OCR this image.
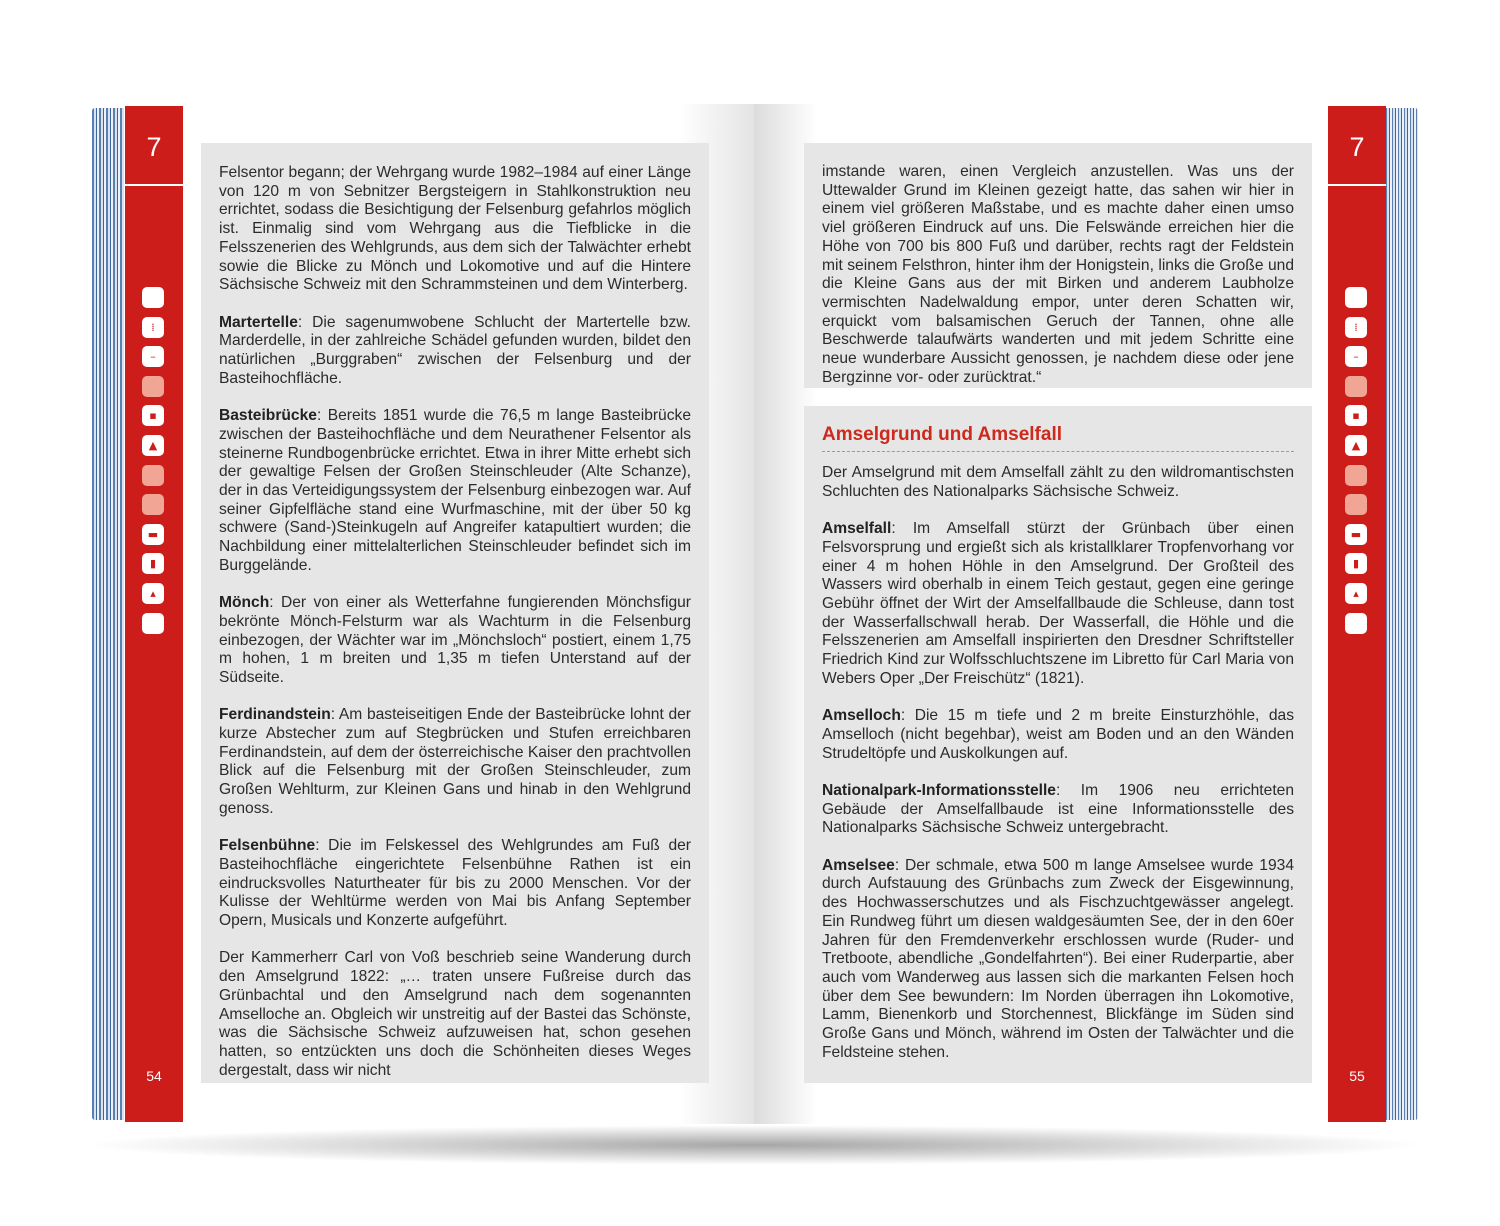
7
⁞
–
▪
▲
▬
▮
▴
54
7
⁞
–
▪
▲
▬
▮
▴
55

Felsentor begann; der Wehrgang wurde 1982–1984 auf einer Länge von 120 m von Sebnitzer Bergsteigern in Stahlkonstruktion neu errichtet, sodass die Besichtigung der Felsenburg gefahrlos möglich ist. Einmalig sind vom Wehrgang aus die Tiefblicke in die Felsszenerien des Wehlgrunds, aus dem sich der Talwächter erhebt sowie die Blicke zu Mönch und Lokomotive und auf die Hintere Sächsische Schweiz mit den Schrammsteinen und dem Winterberg.

Martertelle: Die sagenumwobene Schlucht der Martertelle bzw. Marderdelle, in der zahlreiche Schädel gefunden wurden, bildet den natürlichen „Burggraben“ zwischen der Felsenburg und der Basteihochfläche.

Basteibrücke: Bereits 1851 wurde die 76,5 m lange Basteibrücke zwischen der Basteihochfläche und dem Neurathener Felsentor als steinerne Rundbogenbrücke errichtet. Etwa in ihrer Mitte erhebt sich der gewaltige Felsen der Großen Steinschleuder (Alte Schanze), der in das Verteidigungssystem der Felsenburg einbezogen war. Auf seiner Gipfelfläche stand eine Wurfmaschine, mit der über 50 kg schwere (Sand-)Steinkugeln auf Angreifer katapultiert wurden; die Nachbildung einer mittelalterlichen Steinschleuder befindet sich im Burggelände.

Mönch: Der von einer als Wetterfahne fungierenden Mönchsfigur bekrönte Mönch-Felsturm war als Wachturm in die Felsenburg einbezogen, der Wächter war im „Mönchsloch“ postiert, einem 1,75 m hohen, 1 m breiten und 1,35 m tiefen Unterstand auf der Südseite.

Ferdinandstein: Am basteiseitigen Ende der Basteibrücke lohnt der kurze Abstecher zum auf Stegbrücken und Stufen erreichbaren Ferdinandstein, auf dem der österreichische Kaiser den prachtvollen Blick auf die Felsenburg mit der Großen Steinschleuder, zum Großen Wehlturm, zur Kleinen Gans und hinab in den Wehlgrund genoss.

Felsenbühne: Die im Felskessel des Wehlgrundes am Fuß der Basteihochfläche eingerichtete Felsenbühne Rathen ist ein eindrucksvolles Naturtheater für bis zu 2000 Menschen. Vor der Kulisse der Wehltürme werden von Mai bis Anfang September Opern, Musicals und Konzerte aufgeführt.

Der Kammerherr Carl von Voß beschrieb seine Wanderung durch den Amselgrund 1822: „… traten unsere Fußreise durch das Grünbachtal und den Amselgrund nach dem sogenannten Amselloche an. Obgleich wir unstreitig auf der Bastei das Schönste, was die Sächsische Schweiz aufzuweisen hat, schon gesehen hatten, so entzückten uns doch die Schönheiten dieses Weges dergestalt, dass wir nicht

imstande waren, einen Vergleich anzustellen. Was uns der Uttewalder Grund im Kleinen gezeigt hatte, das sahen wir hier in einem viel größeren Maßstabe, und es machte daher einen umso viel größeren Eindruck auf uns. Die Felswände erreichen hier die Höhe von 700 bis 800 Fuß und darüber, rechts ragt der Feldstein mit seinem Felsthron, hinter ihm der Honigstein, links die Große und die Kleine Gans aus der mit Birken und anderem Laubholze vermischten Nadelwaldung empor, unter deren Schatten wir, erquickt vom balsamischen Geruch der Tannen, ohne alle Beschwerde talaufwärts wanderten und mit jedem Schritte eine neue wunderbare Aussicht genossen, je nachdem diese oder jene Bergzinne vor- oder zurücktrat.“
Amselgrund und Amselfall

Der Amselgrund mit dem Amselfall zählt zu den wildromantischsten Schluchten des Nationalparks Sächsische Schweiz.

Amselfall: Im Amselfall stürzt der Grünbach über einen Felsvorsprung und ergießt sich als kristallklarer Tropfenvorhang vor einer 4 m hohen Höhle in den Amselgrund. Der Großteil des Wassers wird oberhalb in einem Teich gestaut, gegen eine geringe Gebühr öffnet der Wirt der Amselfallbaude die Schleuse, dann tost der Wasserfallschwall herab. Der Wasserfall, die Höhle und die Felsszenerien am Amselfall inspirierten den Dresdner Schriftsteller Friedrich Kind zur Wolfsschluchtszene im Libretto für Carl Maria von Webers Oper „Der Freischütz“ (1821).

Amselloch: Die 15 m tiefe und 2 m breite Einsturzhöhle, das Amselloch (nicht begehbar), weist am Boden und an den Wänden Strudeltöpfe und Auskolkungen auf.

Nationalpark-Informationsstelle: Im 1906 neu errichteten Gebäude der Amselfallbaude ist eine Informationsstelle des Nationalparks Sächsische Schweiz untergebracht.

Amselsee: Der schmale, etwa 500 m lange Amselsee wurde 1934 durch Aufstauung des Grünbachs zum Zweck der Eisgewinnung, des Hochwasserschutzes und als Fischzuchtgewässer angelegt. Ein Rundweg führt um diesen waldgesäumten See, der in den 60er Jahren für den Fremdenverkehr erschlossen wurde (Ruder- und Tretboote, abendliche „Gondelfahrten“). Bei einer Ruderpartie, aber auch vom Wanderweg aus lassen sich die markanten Felsen hoch über dem See bewundern: Im Norden überragen ihn Lokomotive, Lamm, Bienenkorb und Storchennest, Blickfänge im Süden sind Große Gans und Mönch, während im Osten der Talwächter und die Feldsteine stehen.
